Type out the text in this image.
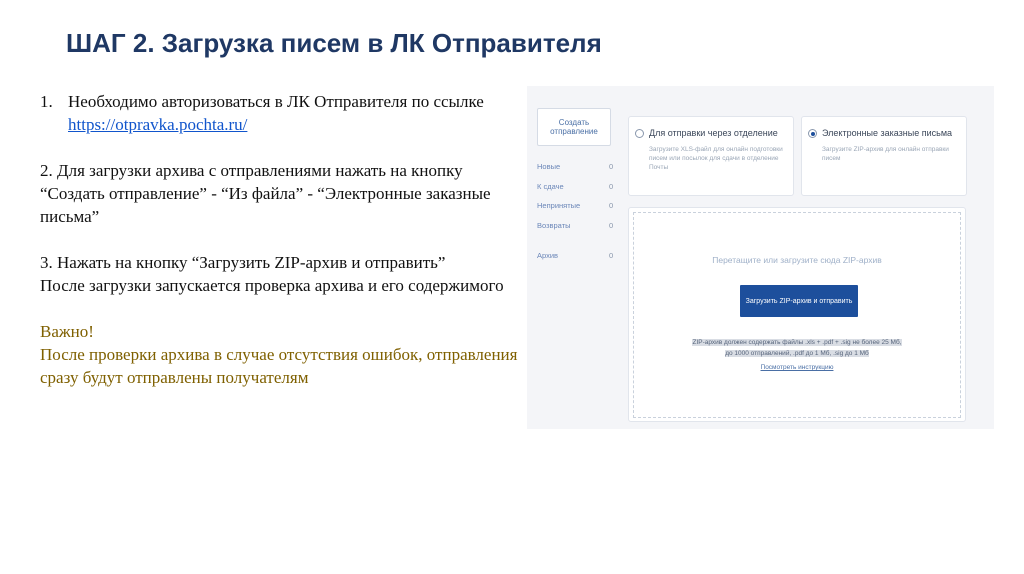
ШАГ 2. Загрузка писем в ЛК Отправителя

1. Необходимо авторизоваться в ЛК Отправителя по ссылке https://otpravka.pochta.ru/

2. Для загрузки архива с отправлениями нажать на кнопку “Создать отправление” - “Из файла” - “Электронные заказные письма”

3. Нажать на кнопку “Загрузить ZIP-архив и отправить”

После загрузки запускается проверка архива и его содержимого

Важно!

После проверки архива в случае отсутствия ошибок, отправления сразу будут отправлены получателям

Создать отправление
Новые	0
К сдаче	0
Непринятые	0
Возвраты	0
Архив	0
Для отправки через отделение
Загрузите XLS-файл для онлайн подготовки писем или посылок для сдачи в отделение Почты
Электронные заказные письма
Загрузите ZIP-архив для онлайн отправки писем
Перетащите или загрузите сюда ZIP-архив
Загрузить ZIP-архив и отправить
ZIP-архив должен содержать файлы .xls + .pdf + .sig не более 25 Мб,
до 1000 отправлений, .pdf до 1 Мб, .sig до 1 Мб
Посмотреть инструкцию
